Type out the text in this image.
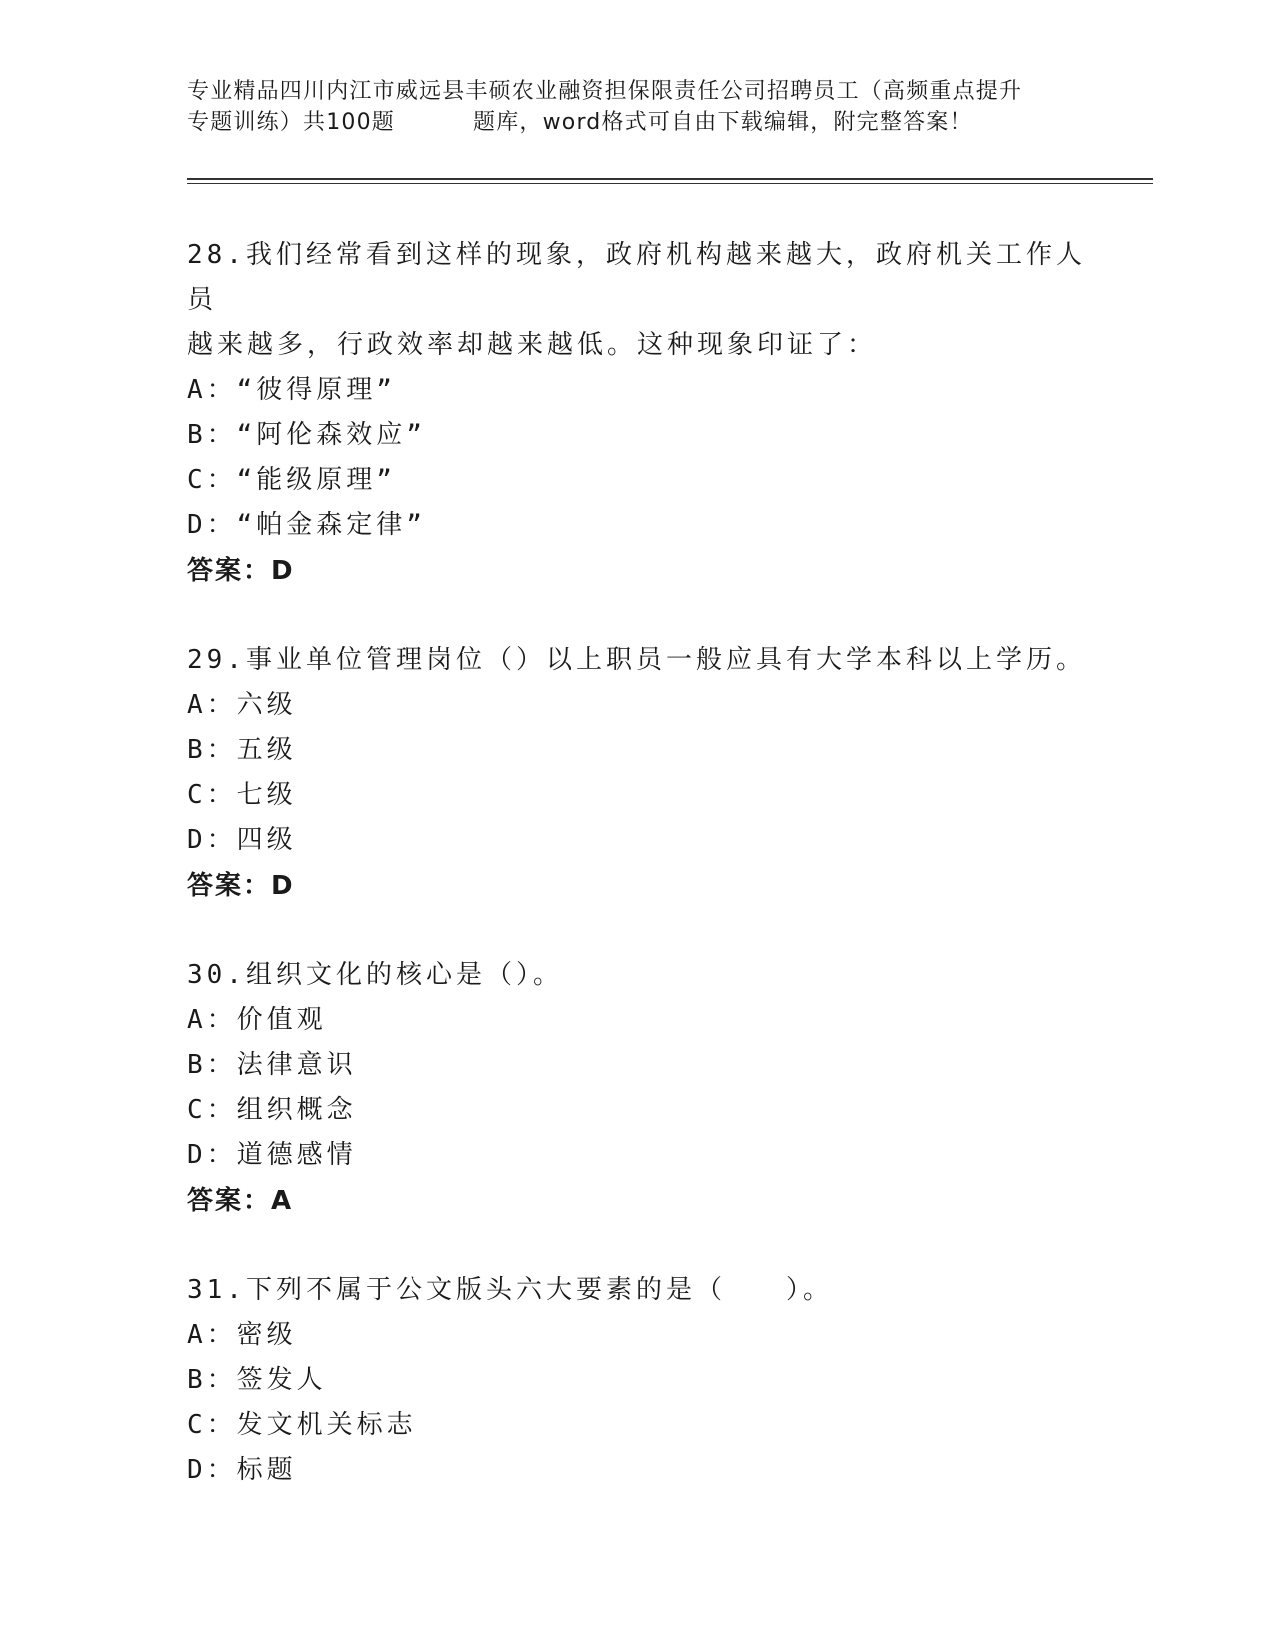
专业精品四川内江市威远县丰硕农业融资担保限责任公司招聘员工（高频重点提升
专题训练）共100题	题库，word格式可自由下载编辑，附完整答案！
28.我们经常看到这样的现象，政府机构越来越大，政府机关工作人员
越来越多，行政效率却越来越低。这种现象印证了：
A：“彼得原理”
B：“阿伦森效应”
C：“能级原理”
D：“帕金森定律”
答案：D
29.事业单位管理岗位（）以上职员一般应具有大学本科以上学历。
A：六级
B：五级
C：七级
D：四级
答案：D
30.组织文化的核心是（）。
A：价值观
B：法律意识
C：组织概念
D：道德感情
答案：A
31.下列不属于公文版头六大要素的是（　　）。
A：密级
B：签发人
C：发文机关标志
D：标题
